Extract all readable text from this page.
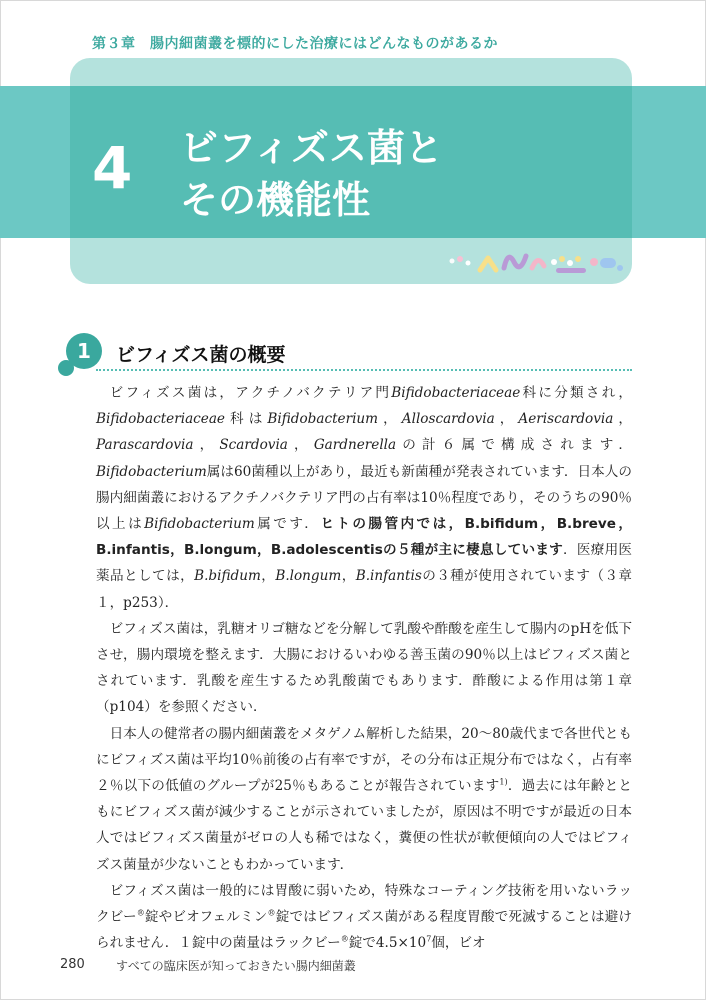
第３章　腸内細菌叢を標的にした治療にはどんなものがあるか
4 ビフィズス菌と
その機能性
1	ビフィズス菌の概要

ビフィズス菌は，アクチノバクテリア門Bifidobacteriaceae科に分類され，Bifidobacteriaceae科はBifidobacterium，Alloscardovia，Aeriscardovia，Parascardovia，Scardovia，Gardnerellaの計６属で構成されます．Bifidobacterium属は60菌種以上があり，最近も新菌種が発表されています．日本人の腸内細菌叢におけるアクチノバクテリア門の占有率は10％程度であり，そのうちの90％以上はBifidobacterium属です．ヒトの腸管内では，B.bifidum，B.breve，B.infantis，B.longum，B.adolescentisの５種が主に棲息しています．医療用医薬品としては，B.bifidum，B.longum，B.infantisの３種が使用されています（３章１，p253）．

ビフィズス菌は，乳糖オリゴ糖などを分解して乳酸や酢酸を産生して腸内のpHを低下させ，腸内環境を整えます．大腸におけるいわゆる善玉菌の90％以上はビフィズス菌とされています．乳酸を産生するため乳酸菌でもあります．酢酸による作用は第１章（p104）を参照ください．

日本人の健常者の腸内細菌叢をメタゲノム解析した結果，20～80歳代まで各世代ともにビフィズス菌は平均10％前後の占有率ですが，その分布は正規分布ではなく，占有率２％以下の低値のグループが25％もあることが報告されています$^{1)}$．過去には年齢とともにビフィズス菌が減少することが示されていましたが，原因は不明ですが最近の日本人ではビフィズス菌量がゼロの人も稀ではなく，糞便の性状が軟便傾向の人ではビフィズス菌量が少ないこともわかっています．

ビフィズス菌は一般的には胃酸に弱いため，特殊なコーティング技術を用いないラックビー®錠やビオフェルミン®錠ではビフィズス菌がある程度胃酸で死滅することは避けられません．１錠中の菌量はラックビー®錠で$4.5\times 10^7$個，ビオ

280	すべての臨床医が知っておきたい腸内細菌叢
